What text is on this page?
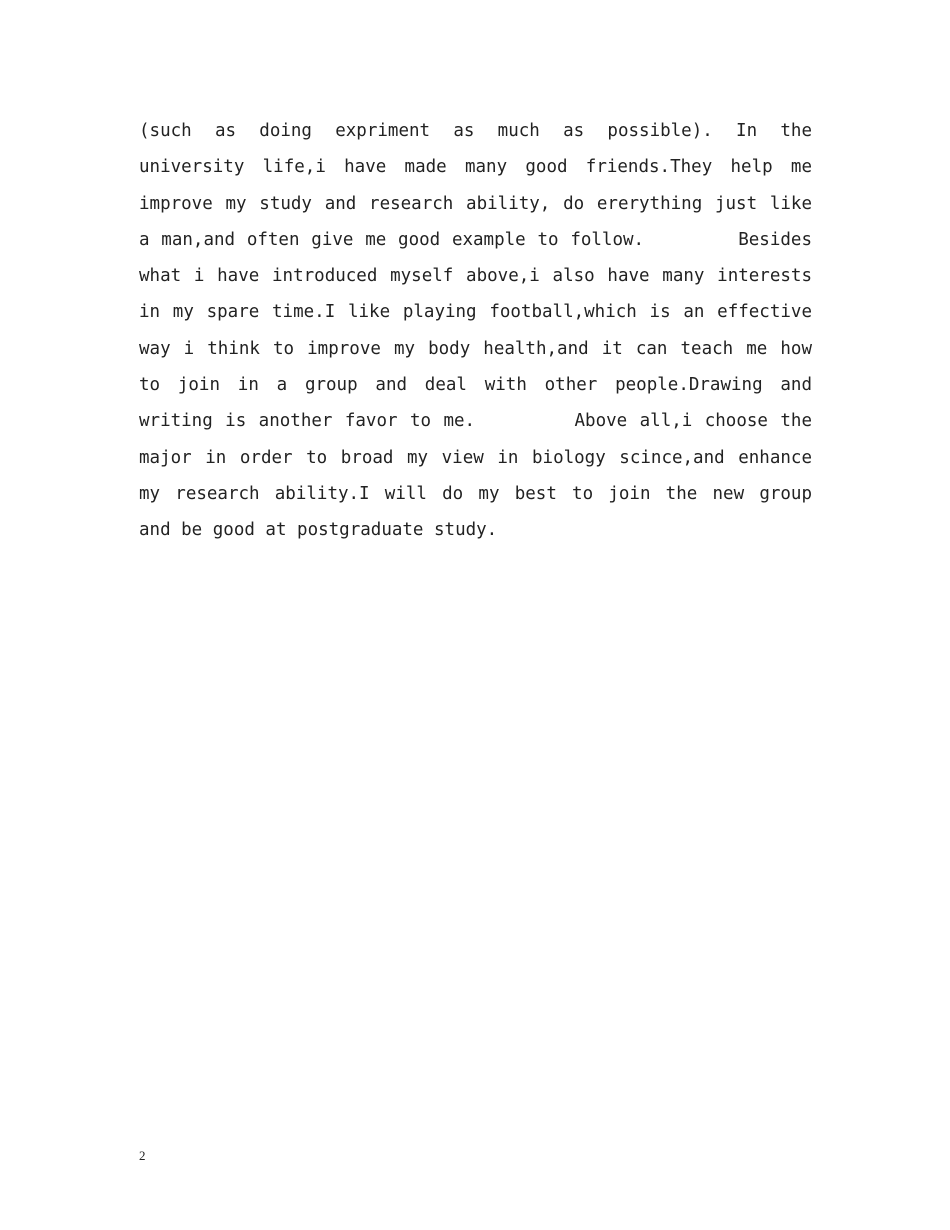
(such as doing expriment as much as possible). In the
university life,i have made many good friends.They help me
improve my study and research ability, do ererything just like
a man,and often give me good example to follow.        Besides
what i have introduced myself above,i also have many interests
in my spare time.I like playing football,which is an effective
way i think to improve my body health,and it can teach me how
to join in a group and deal with other people.Drawing and
writing is another favor to me.        Above all,i choose the
major in order to broad my view in biology scince,and enhance
my research ability.I will do my best to join the new group
and be good at postgraduate study.
2
